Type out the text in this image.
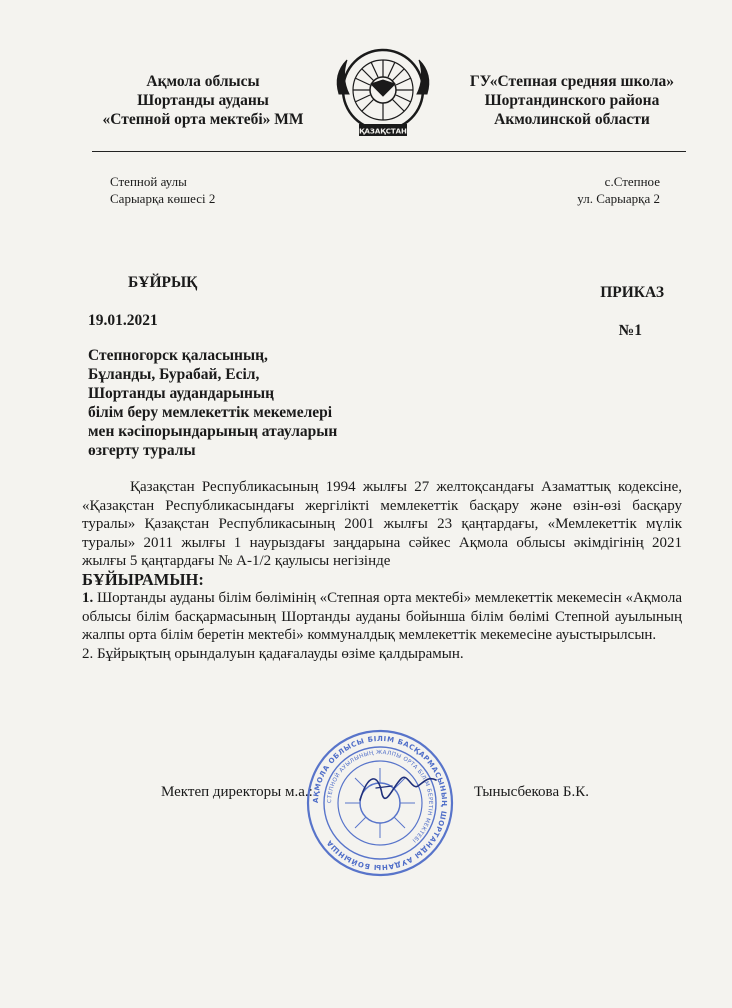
Ақмола облысы
Шортанды ауданы
«Степной орта мектебі» ММ
ҚАЗАҚСТАН
ГУ«Степная средняя школа»
Шортандинского района
Акмолинской области
Степной аулы
Сарыарқа көшесі 2
с.Степное
ул. Сарыарқа 2
БҰЙРЫҚ
ПРИКАЗ
19.01.2021
№1
Степногорск қаласының,
Бұланды, Бурабай, Есіл,
Шортанды аудандарының
білім беру мемлекеттік мекемелері
мен кәсіпорындарының атауларын
өзгерту туралы

Қазақстан Республикасының 1994 жылғы 27 желтоқсандағы Азаматтық кодексіне, «Қазақстан Республикасындағы жергілікті мемлекеттік басқару және өзін-өзі басқару туралы» Қазақстан Республикасының 2001 жылғы 23 қаңтардағы, «Мемлекеттік мүлік туралы» 2011 жылғы 1 наурыздағы заңдарына сәйкес Ақмола облысы әкімдігінің 2021 жылғы 5 қаңтардағы № А-1/2 қаулысы негізінде

БҰЙЫРАМЫН:

1. Шортанды ауданы білім бөлімінің «Степная орта мектебі» мемлекеттік мекемесін «Ақмола облысы білім басқармасының Шортанды ауданы бойынша білім бөлімі Степной ауылының жалпы орта білім беретін мектебі» коммуналдық мемлекеттік мекемесіне ауыстырылсын.

2. Бұйрықтың орындалуын қадағалауды өзіме қалдырамын.

Мектеп директоры м.а.:	Тынысбекова Б.К.
АҚМОЛА ОБЛЫСЫ БІЛІМ БАСҚАРМАСЫНЫҢ ШОРТАНДЫ АУДАНЫ БОЙЫНША
СТЕПНОЙ АУЫЛЫНЫҢ ЖАЛПЫ ОРТА БІЛІМ БЕРЕТІН МЕКТЕБІ
